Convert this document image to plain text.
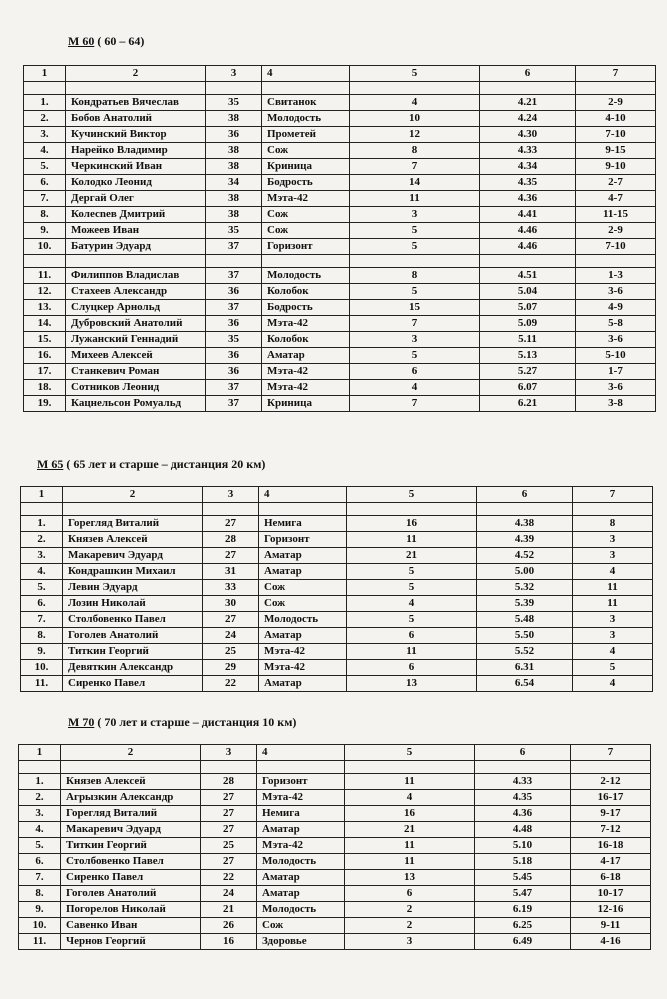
М 60 ( 60 – 64)
1	2	3	4	5	6	7

1.	Кондратьев Вячеслав	35	Свитанок	4	4.21	2-9
2.	Бобов Анатолий	38	Молодость	10	4.24	4-10
3.	Кучинский Виктор	36	Прометей	12	4.30	7-10
4.	Нарейко Владимир	38	Сож	8	4.33	9-15
5.	Черкинский Иван	38	Криница	7	4.34	9-10
6.	Колодко Леонид	34	Бодрость	14	4.35	2-7
7.	Дергай Олег	38	Мэта-42	11	4.36	4-7
8.	Колесneв Дмитрий	38	Сож	3	4.41	11-15
9.	Можеев Иван	35	Сож	5	4.46	2-9
10.	Батурин Эдуард	37	Горизонт	5	4.46	7-10

11.	Филиппов Владислав	37	Молодость	8	4.51	1-3
12.	Стахеев Александр	36	Колобок	5	5.04	3-6
13.	Слуцкер Арнольд	37	Бодрость	15	5.07	4-9
14.	Дубровский Анатолий	36	Мэта-42	7	5.09	5-8
15.	Лужанский Геннадий	35	Колобок	3	5.11	3-6
16.	Михеев Алексей	36	Аматар	5	5.13	5-10
17.	Станкевич Роман	36	Мэта-42	6	5.27	1-7
18.	Сотников Леонид	37	Мэта-42	4	6.07	3-6
19.	Кацнельсон Ромуальд	37	Криница	7	6.21	3-8
М 65 ( 65 лет и старше – дистанция 20 км)
1	2	3	4	5	6	7

1.	Горегляд Виталий	27	Немига	16	4.38	8
2.	Князев Алексей	28	Горизонт	11	4.39	3
3.	Макаревич Эдуард	27	Аматар	21	4.52	3
4.	Кондрашкин Михаил	31	Аматар	5	5.00	4
5.	Левин Эдуард	33	Сож	5	5.32	11
6.	Лозин Николай	30	Сож	4	5.39	11
7.	Столбовенко Павел	27	Молодость	5	5.48	3
8.	Гоголев Анатолий	24	Аматар	6	5.50	3
9.	Титкин Георгий	25	Мэта-42	11	5.52	4
10.	Девяткин Александр	29	Мэта-42	6	6.31	5
11.	Сиренко Павел	22	Аматар	13	6.54	4
М 70 ( 70 лет и старше – дистанция 10 км)
1	2	3	4	5	6	7

1.	Князев Алексей	28	Горизонт	11	4.33	2-12
2.	Агрызкин Александр	27	Мэта-42	4	4.35	16-17
3.	Горегляд Виталий	27	Немига	16	4.36	9-17
4.	Макаревич Эдуард	27	Аматар	21	4.48	7-12
5.	Титкин Георгий	25	Мэта-42	11	5.10	16-18
6.	Столбовенко Павел	27	Молодость	11	5.18	4-17
7.	Сиренко Павел	22	Аматар	13	5.45	6-18
8.	Гоголев Анатолий	24	Аматар	6	5.47	10-17
9.	Погорелов Николай	21	Молодость	2	6.19	12-16
10.	Савенко Иван	26	Сож	2	6.25	9-11
11.	Чернов Георгий	16	Здоровье	3	6.49	4-16
